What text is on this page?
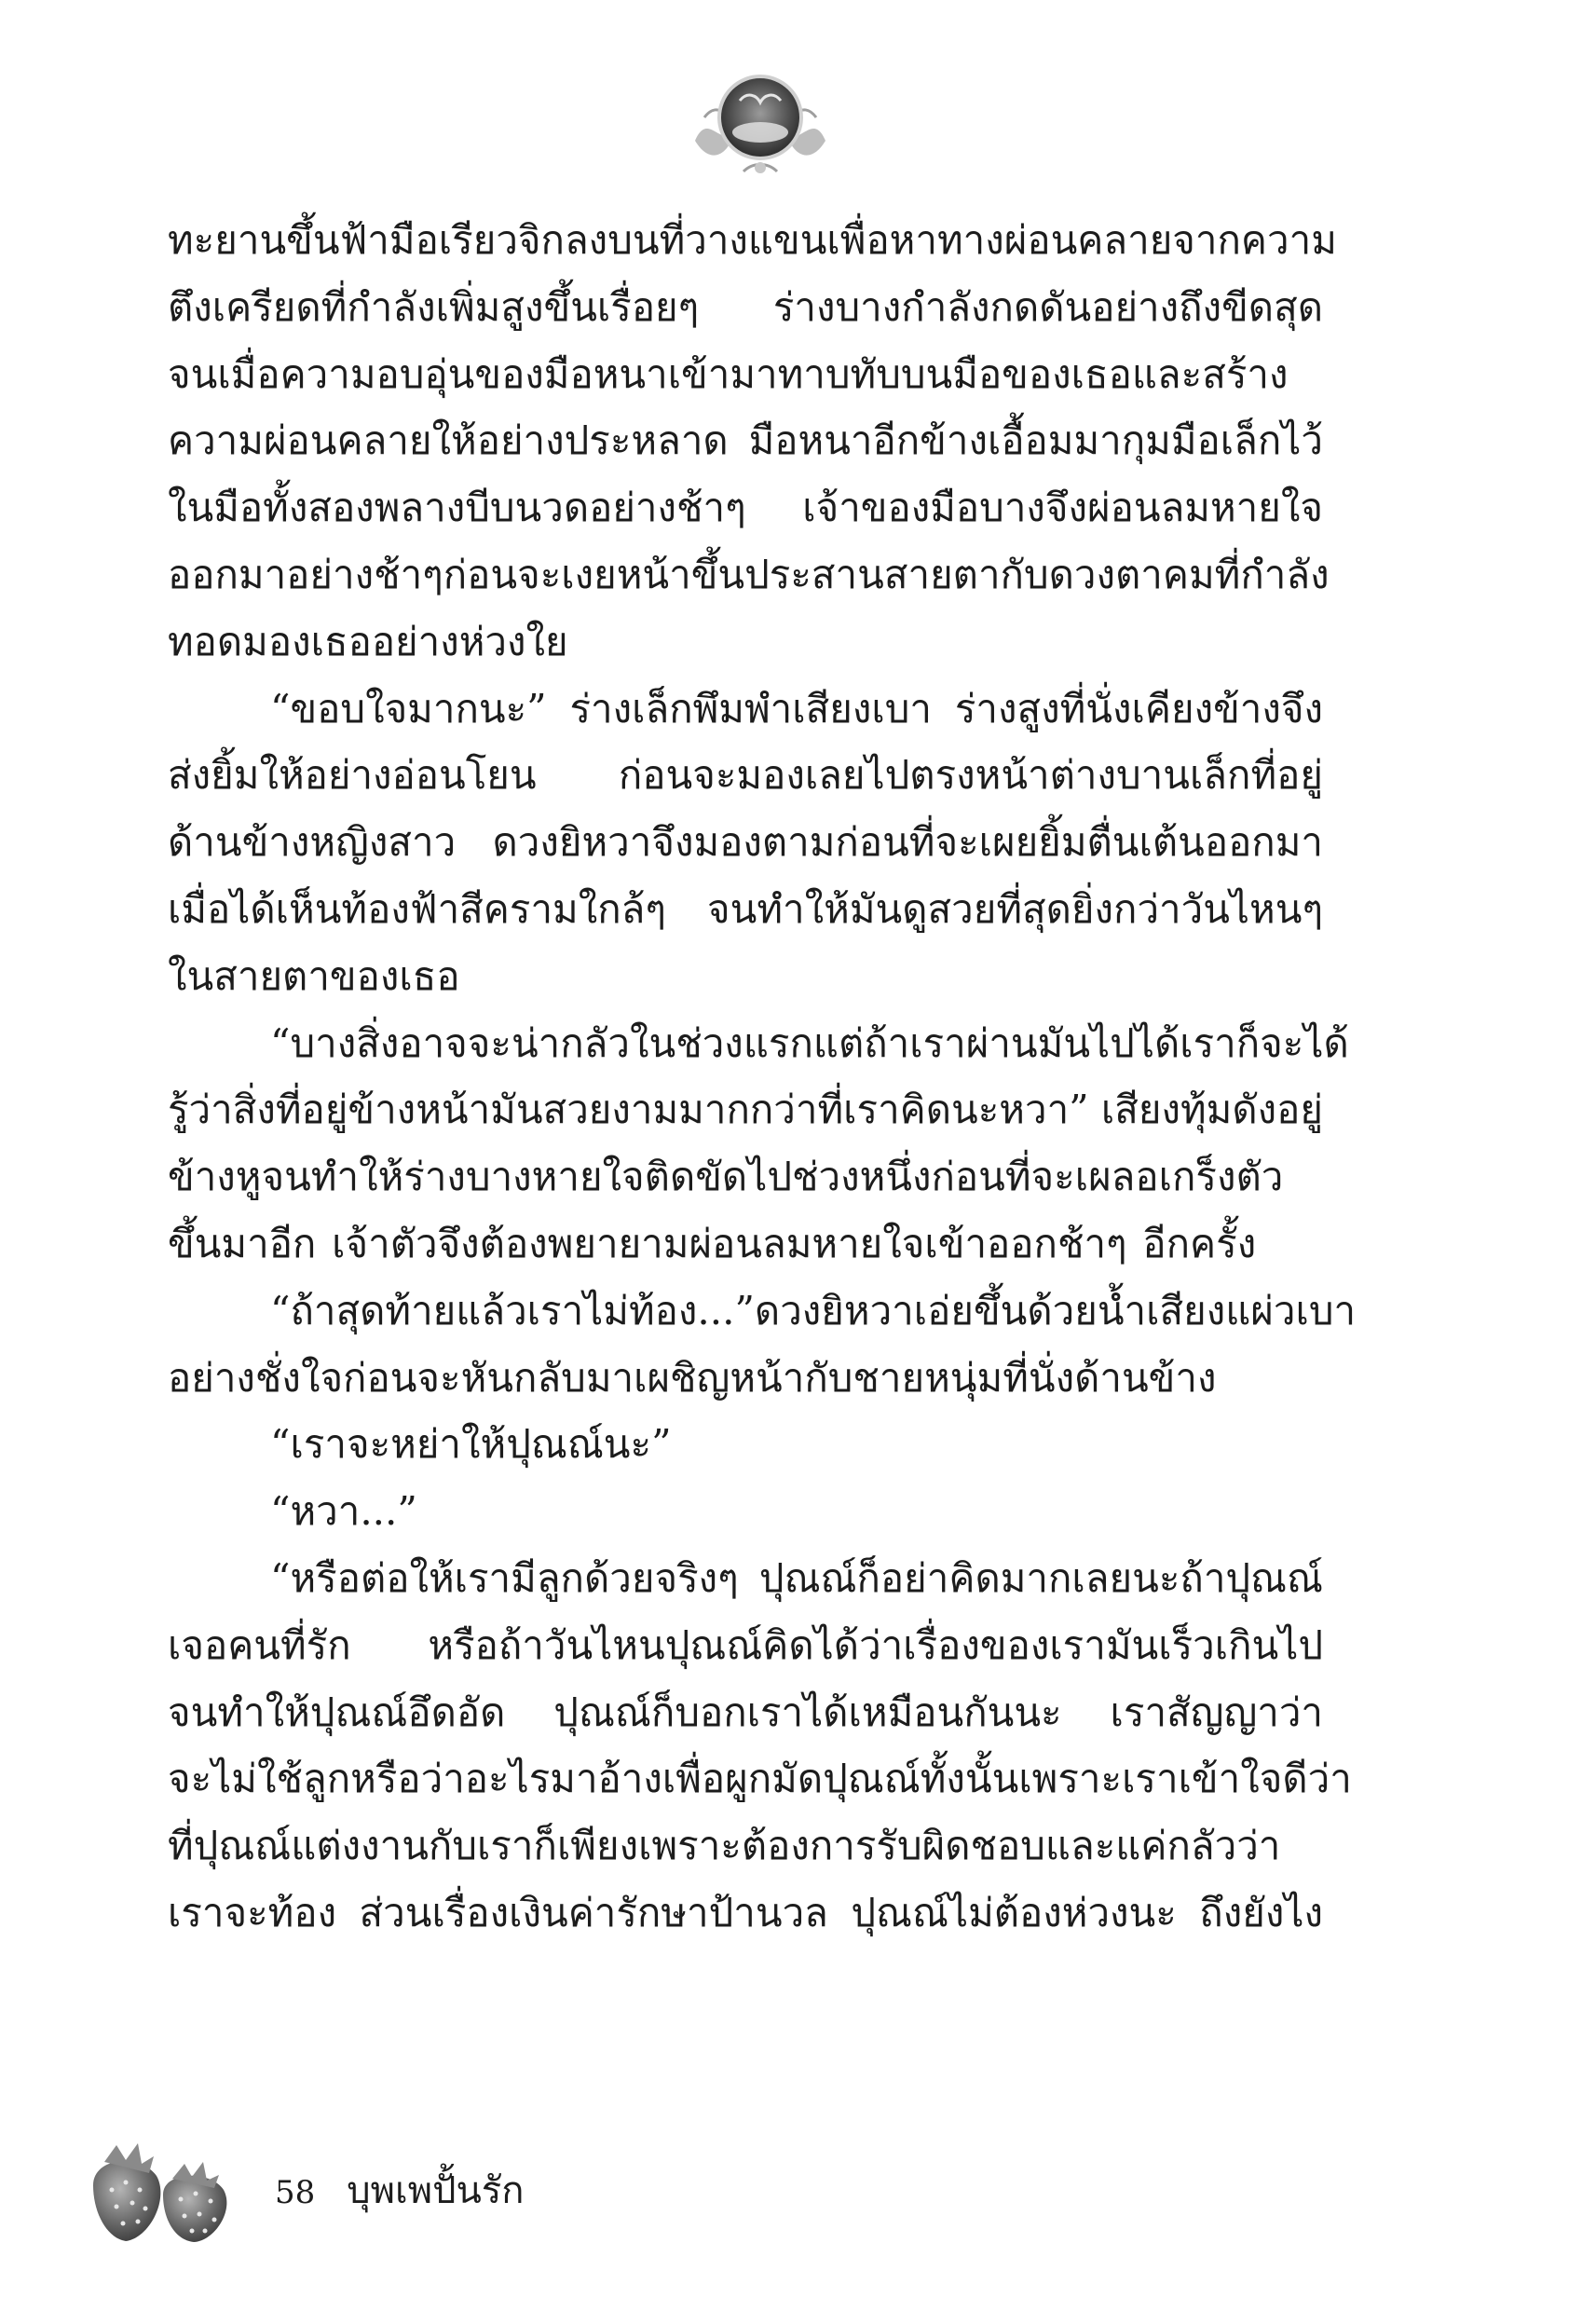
ทะยานขึ้นฟ้า มือเรียวจิกลงบนที่วางแขนเพื่อหาทางผ่อนคลายจากความ
ตึงเครียดที่กำลังเพิ่มสูงขึ้นเรื่อยๆ ร่างบางกำลังกดดันอย่างถึงขีดสุด
จนเมื่อความอบอุ่นของมือหนาเข้ามาทาบทับบนมือของเธอและสร้าง
ความผ่อนคลายให้อย่างประหลาด มือหนาอีกข้างเอื้อมมากุมมือเล็กไว้
ในมือทั้งสองพลางบีบนวดอย่างช้าๆ เจ้าของมือบางจึงผ่อนลมหายใจ
ออกมาอย่างช้าๆ ก่อนจะเงยหน้าขึ้นประสานสายตากับดวงตาคมที่กำลัง
ทอดมองเธออย่างห่วงใย
“ขอบใจมากนะ” ร่างเล็กพึมพำเสียงเบา ร่างสูงที่นั่งเคียงข้างจึง
ส่งยิ้มให้อย่างอ่อนโยน ก่อนจะมองเลยไปตรงหน้าต่างบานเล็กที่อยู่
ด้านข้างหญิงสาว ดวงยิหวาจึงมองตามก่อนที่จะเผยยิ้มตื่นเต้นออกมา
เมื่อได้เห็นท้องฟ้าสีครามใกล้ๆ จนทำให้มันดูสวยที่สุดยิ่งกว่าวันไหนๆ
ในสายตาของเธอ
“บางสิ่งอาจจะน่ากลัวในช่วงแรก แต่ถ้าเราผ่านมันไปได้ เราก็จะได้
รู้ว่าสิ่งที่อยู่ข้างหน้ามันสวยงามมากกว่าที่เราคิดนะหวา” เสียงทุ้มดังอยู่
ข้างหูจนทำให้ร่างบางหายใจติดขัดไปช่วงหนึ่งก่อนที่จะเผลอเกร็งตัว
ขึ้นมาอีก เจ้าตัวจึงต้องพยายามผ่อนลมหายใจเข้าออกช้าๆ อีกครั้ง
“ถ้าสุดท้ายแล้วเราไม่ท้อง...” ดวงยิหวาเอ่ยขึ้นด้วยน้ำเสียงแผ่วเบา
อย่างชั่งใจก่อนจะหันกลับมาเผชิญหน้ากับชายหนุ่มที่นั่งด้านข้าง
“เราจะหย่าให้ปุณณ์นะ”
“หวา...”
“หรือต่อให้เรามีลูกด้วยจริงๆ ปุณณ์ก็อย่าคิดมากเลยนะถ้าปุณณ์
เจอคนที่รัก หรือถ้าวันไหนปุณณ์คิดได้ว่าเรื่องของเรามันเร็วเกินไป
จนทำให้ปุณณ์อึดอัด ปุณณ์ก็บอกเราได้เหมือนกันนะ เราสัญญาว่า
จะไม่ใช้ลูกหรือว่าอะไรมาอ้างเพื่อผูกมัดปุณณ์ทั้งนั้น เพราะเราเข้าใจดีว่า
ที่ปุณณ์แต่งงานกับเราก็เพียงเพราะต้องการรับผิดชอบและแค่กลัวว่า
เราจะท้อง ส่วนเรื่องเงินค่ารักษาป้านวล ปุณณ์ไม่ต้องห่วงนะ ถึงยังไง
58 บุพเพปั้นรัก
